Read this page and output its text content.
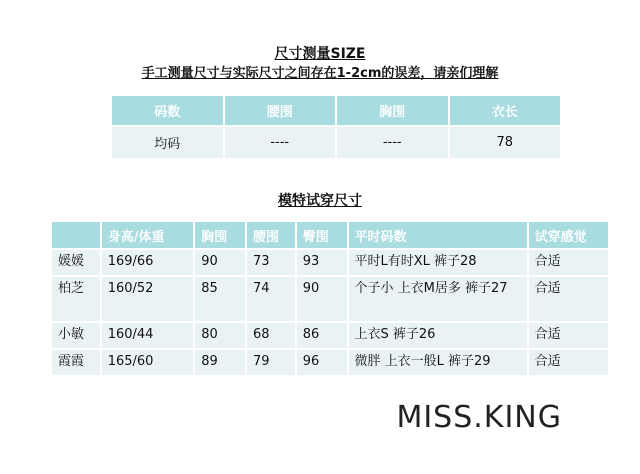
尺寸测量SIZE
手工测量尺寸与实际尺寸之间存在1-2cm的误差，请亲们理解
码数	腰围	胸围	衣长
均码	----	----	78
模特试穿尺寸
	身高/体重	胸围	腰围	臀围	平时码数	试穿感觉
媛媛	169/66	90	73	93	平时L有时XL 裤子28	合适
柏芝	160/52	85	74	90	个子小 上衣M居多 裤子27	合适
小敏	160/44	80	68	86	上衣S 裤子26	合适
霞霞	165/60	89	79	96	微胖 上衣一般L 裤子29	合适
MISS.KING
